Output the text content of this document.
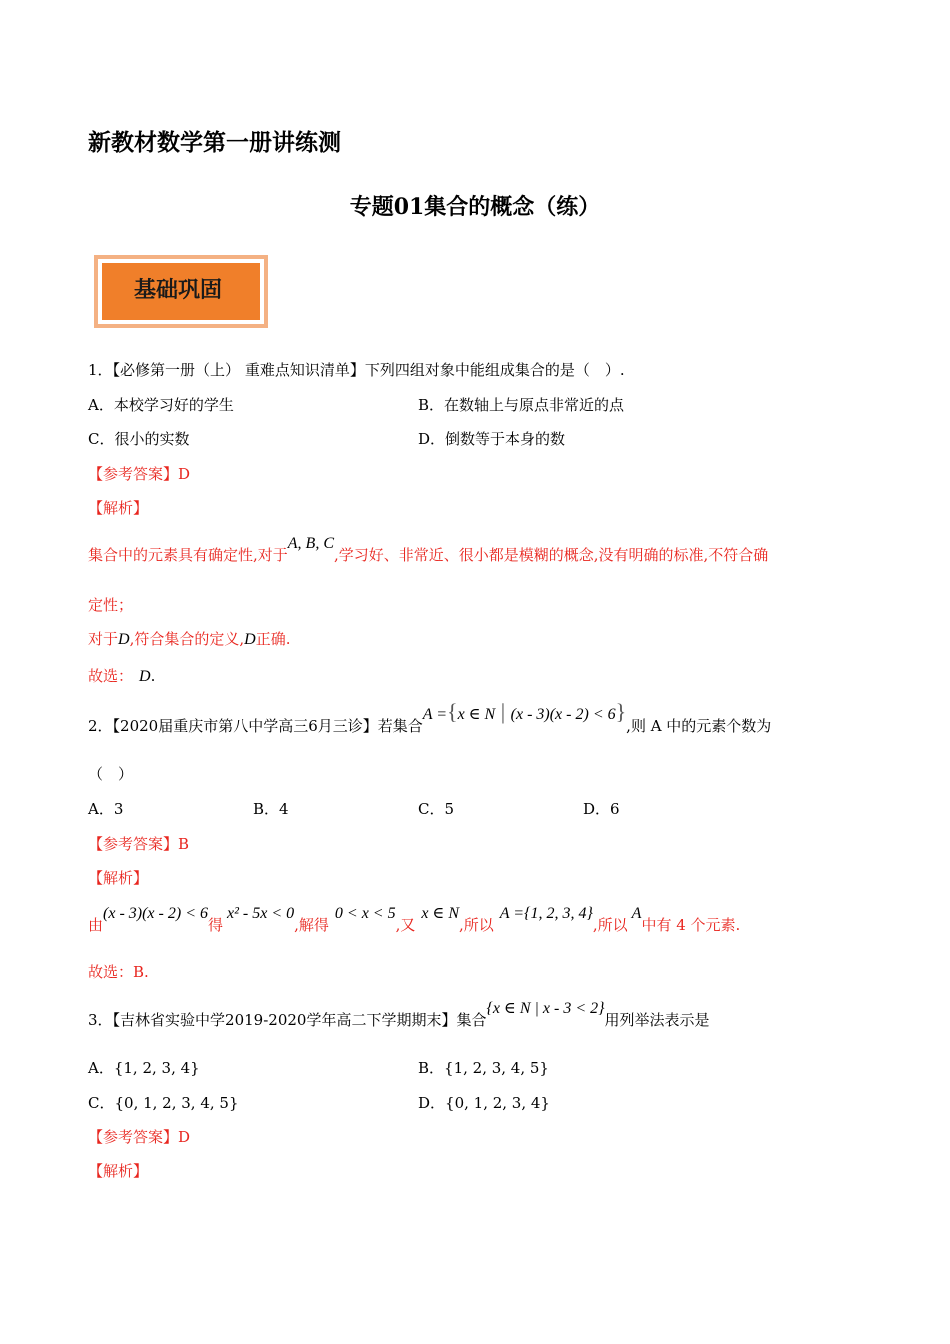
新教材数学第一册讲练测
专题01集合的概念（练）
基础巩固
1．【必修第一册（上） 重难点知识清单】下列四组对象中能组成集合的是（　）.
A．本校学习好的学生	B．在数轴上与原点非常近的点
C．很小的实数	D．倒数等于本身的数
【参考答案】D
【解析】
集合中的元素具有确定性,对于A, B, C,学习好、非常近、很小都是模糊的概念,没有明确的标准,不符合确
定性；
对于D,符合集合的定义,D正确.
故选： D.
2．【2020届重庆市第八中学高三6月三诊】若集合A ={x ∈ N | (x - 3)(x - 2) < 6},则 A 中的元素个数为
（　）
A．3	B．4	C．5	D．6
【参考答案】B
【解析】
由(x - 3)(x - 2) < 6得x² - 5x < 0,解得0 < x < 5,又x ∈ N,所以A ={1, 2, 3, 4},所以A中有 4 个元素.
故选：B.
3．【吉林省实验中学2019-2020学年高二下学期期末】集合{x ∈ N | x - 3 < 2}用列举法表示是
A．{1, 2, 3, 4}	B．{1, 2, 3, 4, 5}
C．{0, 1, 2, 3, 4, 5}	D．{0, 1, 2, 3, 4}
【参考答案】D
【解析】
